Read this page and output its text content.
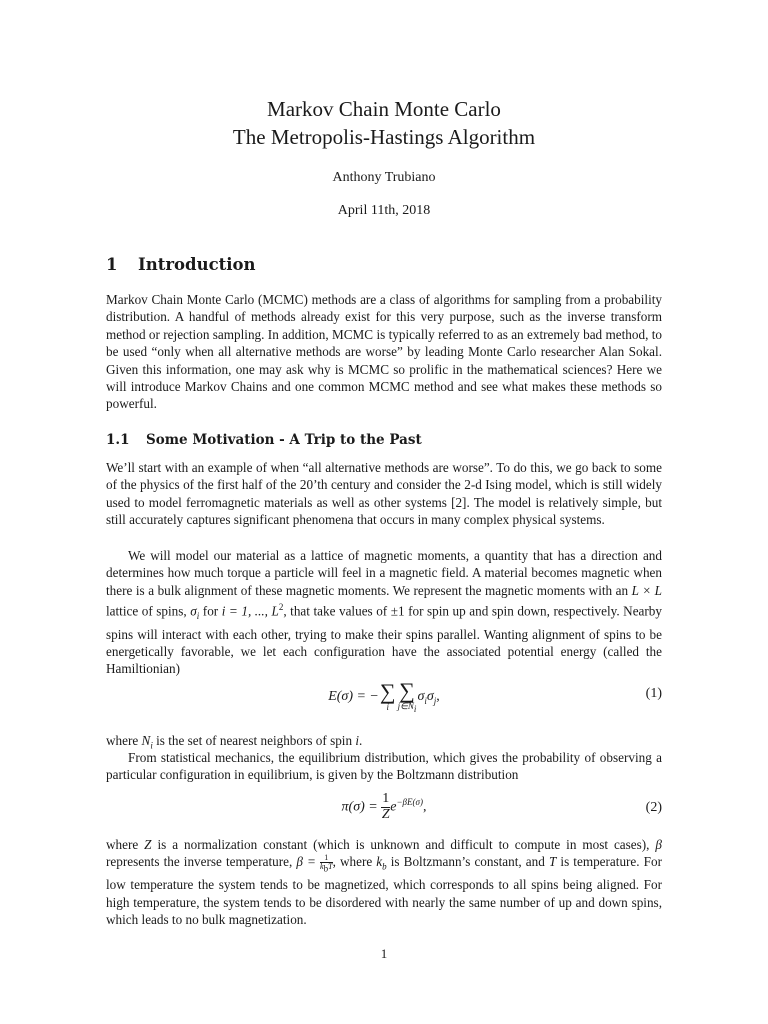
Markov Chain Monte Carlo
The Metropolis-Hastings Algorithm
Anthony Trubiano
April 11th, 2018
1 Introduction
Markov Chain Monte Carlo (MCMC) methods are a class of algorithms for sampling from a probability distribution. A handful of methods already exist for this very purpose, such as the inverse transform method or rejection sampling. In addition, MCMC is typically referred to as an extremely bad method, to be used “only when all alternative methods are worse” by leading Monte Carlo researcher Alan Sokal. Given this information, one may ask why is MCMC so prolific in the mathematical sciences? Here we will introduce Markov Chains and one common MCMC method and see what makes these methods so powerful.
1.1 Some Motivation - A Trip to the Past
We’ll start with an example of when “all alternative methods are worse”. To do this, we go back to some of the physics of the first half of the 20’th century and consider the 2-d Ising model, which is still widely used to model ferromagnetic materials as well as other systems [2]. The model is relatively simple, but still accurately captures significant phenomena that occurs in many complex physical systems.
We will model our material as a lattice of magnetic moments, a quantity that has a direction and determines how much torque a particle will feel in a magnetic field. A material becomes magnetic when there is a bulk alignment of these magnetic moments. We represent the magnetic moments with an L × L lattice of spins, $\sigma_i$ for i = 1, ..., $L^2$, that take values of ±1 for spin up and spin down, respectively. Nearby spins will interact with each other, trying to make their spins parallel. Wanting alignment of spins to be energetically favorable, we let each configuration have the associated potential energy (called the Hamiltionian)
E(σ) = − ∑
i
∑
$j\in N_i$
$\sigma_i\sigma_j$,	(1)
where $N_i$ is the set of nearest neighbors of spin i.
From statistical mechanics, the equilibrium distribution, which gives the probability of observing a particular configuration in equilibrium, is given by the Boltzmann distribution
$\pi(\sigma) = \frac{1}{Z} e^{-\beta E(\sigma)}$,	(2)
where Z is a normalization constant (which is unknown and difficult to compute in most cases), β represents the inverse temperature, β =	1
$k_bT$, where $k_b$ is Boltzmann’s constant, and T is temperature. For low temperature the system tends to be magnetized, which corresponds to all spins being aligned. For high temperature, the system tends to be disordered with nearly the same number of up and down spins, which leads to no bulk magnetization.
1
